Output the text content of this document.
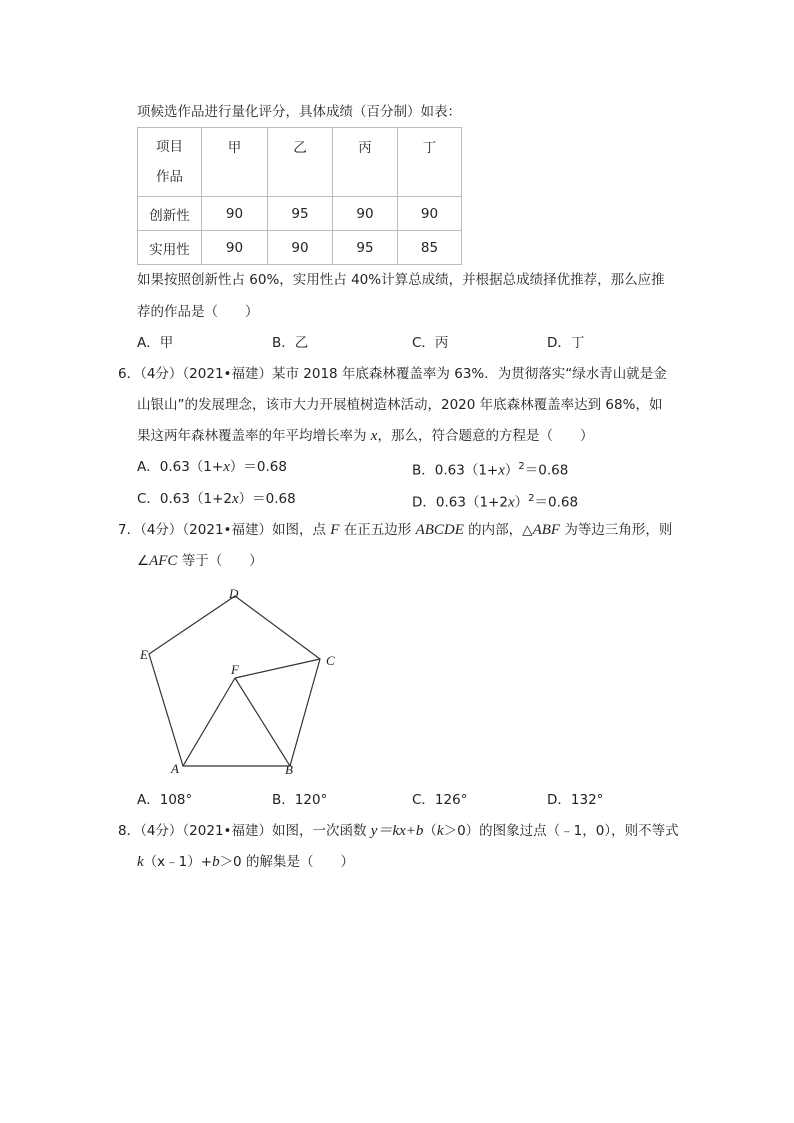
项候选作品进行量化评分，具体成绩（百分制）如表：
项目
作品	甲	乙	丙	丁
创新性	90	95	90	90
实用性	90	90	95	85
如果按照创新性占 60%，实用性占 40%计算总成绩，并根据总成绩择优推荐，那么应推
荐的作品是（　　）
A．甲	B．乙	C．丙	D．丁
6．（4分）（2021•福建）某市 2018 年底森林覆盖率为 63%．为贯彻落实“绿水青山就是金
山银山”的发展理念，该市大力开展植树造林活动，2020 年底森林覆盖率达到 68%，如
果这两年森林覆盖率的年平均增长率为 x，那么，符合题意的方程是（　　）
A．0.63（1+x）＝0.68	B．$0.63(1+x)^2=0.68$
C．0.63（1+2x）＝0.68	D．$0.63(1+2x)^2=0.68$
7．（4分）（2021•福建）如图，点 F 在正五边形 ABCDE 的内部，△ABF 为等边三角形，则
∠AFC 等于（　　）
A	B
C
D
E
F
A．108°	B．120°	C．126°	D．132°
8．（4分）（2021•福建）如图，一次函数 y＝kx+b（k＞0）的图象过点（﹣1，0），则不等式
k（x﹣1）+b＞0 的解集是（　　）
